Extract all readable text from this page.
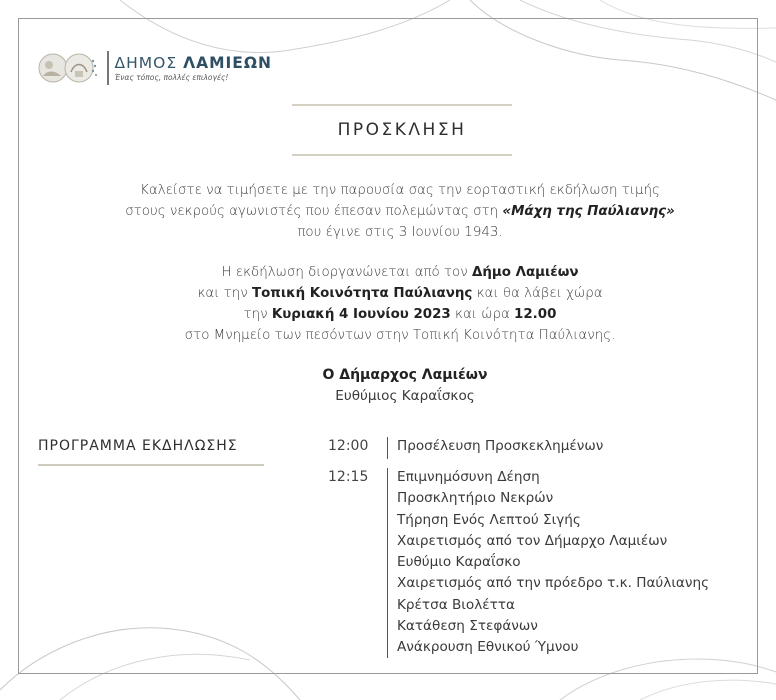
ΔΗΜΟΣ ΛΑΜΙΕΩΝ
Ένας τόπος, πολλές επιλογές!
ΠΡΟΣΚΛΗΣΗ
Καλείστε να τιμήσετε με την παρουσία σας την εορταστική εκδήλωση τιμής
στους νεκρούς αγωνιστές που έπεσαν πολεμώντας στη «Μάχη της Παύλιανης»
που έγινε στις 3 Ιουνίου 1943.
Η εκδήλωση διοργανώνεται από τον Δήμο Λαμιέων
και την Τοπική Κοινότητα Παύλιανης και θα λάβει χώρα
την Κυριακή 4 Ιουνίου 2023 και ώρα 12.00
στο Μνημείο των πεσόντων στην Τοπική Κοινότητα Παύλιανης.
Ο Δήμαρχος Λαμιέων
Ευθύμιος Καραΐσκος
ΠΡΟΓΡΑΜΜΑ ΕΚΔΗΛΩΣΗΣ	12:00 Προσέλευση Προσκεκλημένων
12:15 Επιμνημόσυνη Δέηση
Προσκλητήριο Νεκρών
Τήρηση Ενός Λεπτού Σιγής
Χαιρετισμός από τον Δήμαρχο Λαμιέων
Ευθύμιο Καραΐσκο
Χαιρετισμός από την πρόεδρο τ.κ. Παύλιανης
Κρέτσα Βιολέττα
Κατάθεση Στεφάνων
Ανάκρουση Εθνικού Ύμνου
